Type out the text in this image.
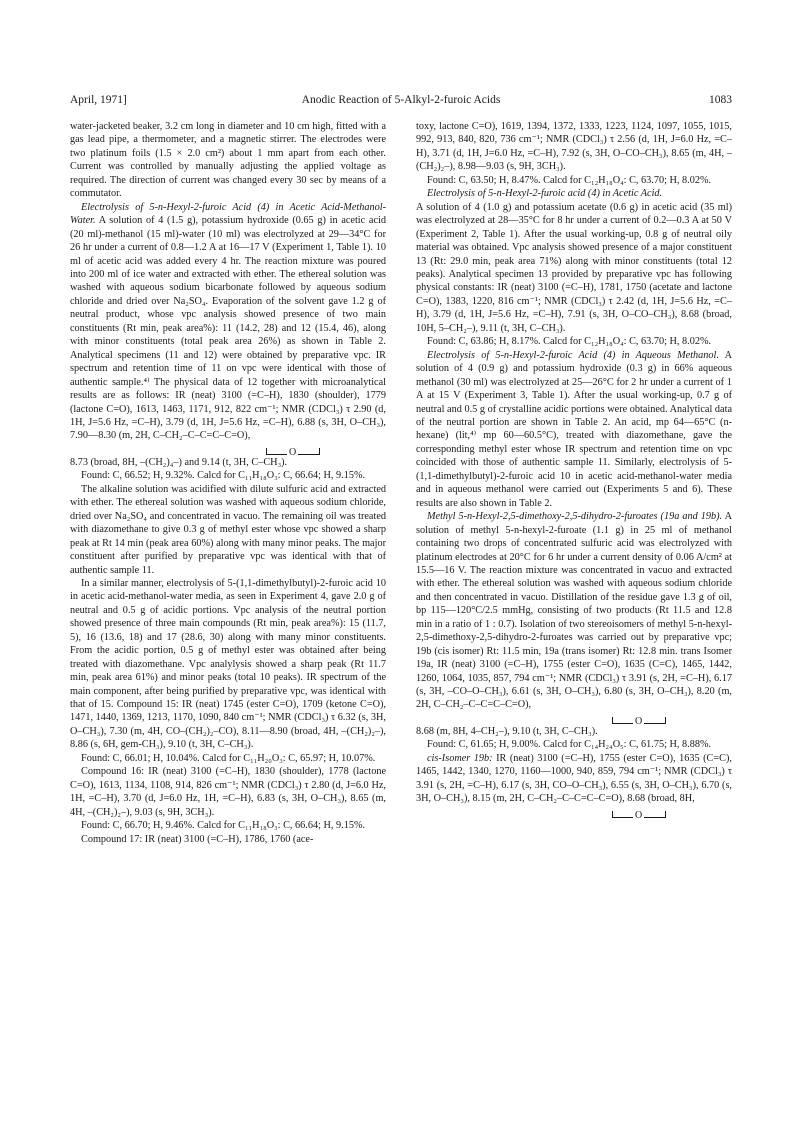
April, 1971]	Anodic Reaction of 5-Alkyl-2-furoic Acids	1083

water-jacketed beaker, 3.2 cm long in diameter and 10 cm high, fitted with a gas lead pipe, a thermometer, and a magnetic stirrer. The electrodes were two platinum foils (1.5 × 2.0 cm²) about 1 mm apart from each other. Current was controlled by manually adjusting the applied voltage as required. The direction of current was changed every 30 sec by means of a commutator.

Electrolysis of 5-n-Hexyl-2-furoic Acid (4) in Acetic Acid-Methanol-Water. A solution of 4 (1.5 g), potassium hydroxide (0.65 g) in acetic acid (20 ml)-methanol (15 ml)-water (10 ml) was electrolyzed at 29—34°C for 26 hr under a current of 0.8—1.2 A at 16—17 V (Experiment 1, Table 1). 10 ml of acetic acid was added every 4 hr. The reaction mixture was poured into 200 ml of ice water and extracted with ether. The ethereal solution was washed with aqueous sodium bicarbonate followed by aqueous sodium chloride and dried over Na₂SO₄. Evaporation of the solvent gave 1.2 g of neutral product, whose vpc analysis showed presence of two main constituents (Rt min, peak area%): 11 (14.2, 28) and 12 (15.4, 46), along with minor constituents (total peak area 26%) as shown in Table 2. Analytical specimens (11 and 12) were obtained by preparative vpc. IR spectrum and retention time of 11 on vpc were identical with those of authentic sample.⁴⁾ The physical data of 12 together with microanalytical results are as follows: IR (neat) 3100 (=C–H), 1830 (shoulder), 1779 (lactone C=O), 1613, 1463, 1171, 912, 822 cm⁻¹; NMR (CDCl₃) τ 2.90 (d, 1H, J=5.6 Hz, =C–H), 3.79 (d, 1H, J=5.6 Hz, =C–H), 6.88 (s, 3H, O–CH₃), 7.90—8.30 (m, 2H, C–CH₂–C–C=C–C=O),

O

8.73 (broad, 8H, –(CH₂)₄–) and 9.14 (t, 3H, C–CH₃).

Found: C, 66.52; H, 9.32%. Calcd for C₁₁H₁₈O₃: C, 66.64; H, 9.15%.

The alkaline solution was acidified with dilute sulfuric acid and extracted with ether. The ethereal solution was washed with aqueous sodium chloride, dried over Na₂SO₄ and concentrated in vacuo. The remaining oil was treated with diazomethane to give 0.3 g of methyl ester whose vpc showed a sharp peak at Rt 14 min (peak area 60%) along with many minor peaks. The major constituent after purified by preparative vpc was identical with that of authentic sample 11.

In a similar manner, electrolysis of 5-(1,1-dimethylbutyl)-2-furoic acid 10 in acetic acid-methanol-water media, as seen in Experiment 4, gave 2.0 g of neutral and 0.5 g of acidic portions. Vpc analysis of the neutral portion showed presence of three main compounds (Rt min, peak area%): 15 (11.7, 5), 16 (13.6, 18) and 17 (28.6, 30) along with many minor constituents. From the acidic portion, 0.5 g of methyl ester was obtained after being treated with diazomethane. Vpc analylysis showed a sharp peak (Rt 11.7 min, peak area 61%) and minor peaks (total 10 peaks). IR spectrum of the main component, after being purified by preparative vpc, was identical with that of 15. Compound 15: IR (neat) 1745 (ester C=O), 1709 (ketone C=O), 1471, 1440, 1369, 1213, 1170, 1090, 840 cm⁻¹; NMR (CDCl₃) τ 6.32 (s, 3H, O–CH₃), 7.30 (m, 4H, CO–(CH₂)₂–CO), 8.11—8.90 (broad, 4H, –(CH₂)₂–), 8.86 (s, 6H, gem-CH₃), 9.10 (t, 3H, C–CH₃).

Found: C, 66.01; H, 10.04%. Calcd for C₁₁H₂₀O₃: C, 65.97; H, 10.07%.

Compound 16: IR (neat) 3100 (=C–H), 1830 (shoulder), 1778 (lactone C=O), 1613, 1134, 1108, 914, 826 cm⁻¹; NMR (CDCl₃) τ 2.80 (d, J=6.0 Hz, 1H, =C–H), 3.70 (d, J=6.0 Hz, 1H, =C–H), 6.83 (s, 3H, O–CH₃), 8.65 (m, 4H, –(CH₂)₂–), 9.03 (s, 9H, 3CH₃).

Found: C, 66.70; H, 9.46%. Calcd for C₁₁H₁₈O₃: C, 66.64; H, 9.15%.

Compound 17: IR (neat) 3100 (=C–H), 1786, 1760 (ace-

toxy, lactone C=O), 1619, 1394, 1372, 1333, 1223, 1124, 1097, 1055, 1015, 992, 913, 840, 820, 736 cm⁻¹; NMR (CDCl₃) τ 2.56 (d, 1H, J=6.0 Hz, =C–H), 3.71 (d, 1H, J=6.0 Hz, =C–H), 7.92 (s, 3H, O–CO–CH₃), 8.65 (m, 4H, –(CH₂)₂–), 8.98—9.03 (s, 9H, 3CH₃).

Found: C, 63.50; H, 8.47%. Calcd for C₁₂H₁₈O₄: C, 63.70; H, 8.02%.

Electrolysis of 5-n-Hexyl-2-furoic acid (4) in Acetic Acid.

A solution of 4 (1.0 g) and potassium acetate (0.6 g) in acetic acid (35 ml) was electrolyzed at 28—35°C for 8 hr under a current of 0.2—0.3 A at 50 V (Experiment 2, Table 1). After the usual working-up, 0.8 g of neutral oily material was obtained. Vpc analysis showed presence of a major constituent 13 (Rt: 29.0 min, peak area 71%) along with minor constituents (total 12 peaks). Analytical specimen 13 provided by preparative vpc has following physical constants: IR (neat) 3100 (=C–H), 1781, 1750 (acetate and lactone C=O), 1383, 1220, 816 cm⁻¹; NMR (CDCl₃) τ 2.42 (d, 1H, J=5.6 Hz, =C–H), 3.79 (d, 1H, J=5.6 Hz, =C–H), 7.91 (s, 3H, O–CO–CH₃), 8.68 (broad, 10H, 5–CH₂–), 9.11 (t, 3H, C–CH₃).

Found: C, 63.86; H, 8.17%. Calcd for C₁₂H₁₈O₄: C, 63.70; H, 8.02%.

Electrolysis of 5-n-Hexyl-2-furoic Acid (4) in Aqueous Methanol. A solution of 4 (0.9 g) and potassium hydroxide (0.3 g) in 66% aqueous methanol (30 ml) was electrolyzed at 25—26°C for 2 hr under a current of 1 A at 15 V (Experiment 3, Table 1). After the usual working-up, 0.7 g of neutral and 0.5 g of crystalline acidic portions were obtained. Analytical data of the neutral portion are shown in Table 2. An acid, mp 64—65°C (n-hexane) (lit,⁴⁾ mp 60—60.5°C), treated with diazomethane, gave the corresponding methyl ester whose IR spectrum and retention time on vpc coincided with those of authentic sample 11. Similarly, electrolysis of 5-(1,1-dimethylbutyl)-2-furoic acid 10 in acetic acid-methanol-water media and in aqueous methanol were carried out (Experiments 5 and 6). These results are also shown in Table 2.

Methyl 5-n-Hexyl-2,5-dimethoxy-2,5-dihydro-2-furoates (19a and 19b). A solution of methyl 5-n-hexyl-2-furoate (1.1 g) in 25 ml of methanol containing two drops of concentrated sulfuric acid was electrolyzed with platinum electrodes at 20°C for 6 hr under a current density of 0.06 A/cm² at 15.5—16 V. The reaction mixture was concentrated in vacuo and extracted with ether. The ethereal solution was washed with aqueous sodium chloride and then concentrated in vacuo. Distillation of the residue gave 1.3 g of oil, bp 115—120°C/2.5 mmHg, consisting of two products (Rt 11.5 and 12.8 min in a ratio of 1 : 0.7). Isolation of two stereoisomers of methyl 5-n-hexyl-2,5-dimethoxy-2,5-dihydro-2-furoates was carried out by preparative vpc; 19b (cis isomer) Rt: 11.5 min, 19a (trans isomer) Rt: 12.8 min. trans Isomer 19a, IR (neat) 3100 (=C–H), 1755 (ester C=O), 1635 (C=C), 1465, 1442, 1260, 1064, 1035, 857, 794 cm⁻¹; NMR (CDCl₃) τ 3.91 (s, 2H, =C–H), 6.17 (s, 3H, –CO–O–CH₃), 6.61 (s, 3H, O–CH₃), 6.80 (s, 3H, O–CH₃), 8.20 (m, 2H, C–CH₂–C–C=C–C=O),

O

8.68 (m, 8H, 4–CH₂–), 9.10 (t, 3H, C–CH₃).

Found: C, 61.65; H, 9.00%. Calcd for C₁₄H₂₄O₅: C, 61.75; H, 8.88%.

cis-Isomer 19b: IR (neat) 3100 (=C–H), 1755 (ester C=O), 1635 (C=C), 1465, 1442, 1340, 1270, 1160—1000, 940, 859, 794 cm⁻¹; NMR (CDCl₃) τ 3.91 (s, 2H, =C–H), 6.17 (s, 3H, CO–O–CH₃), 6.55 (s, 3H, O–CH₃), 6.70 (s, 3H, O–CH₃), 8.15 (m, 2H, C–CH₂–C–C=C–C=O), 8.68 (broad, 8H,

O
